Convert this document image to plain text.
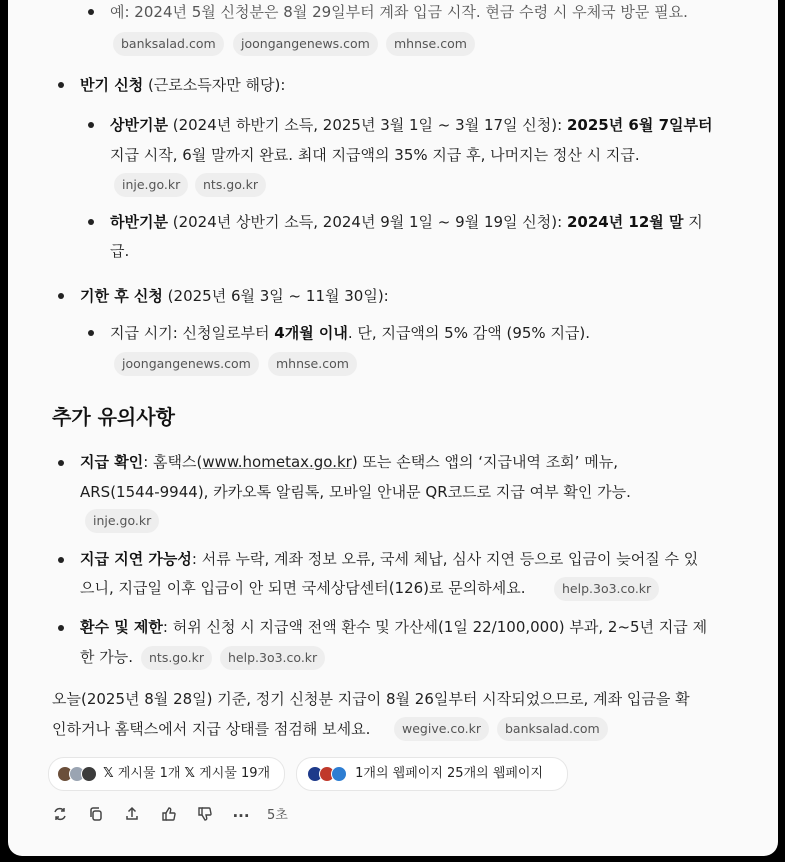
예: 2024년 5월 신청분은 8월 29일부터 계좌 입금 시작. 현금 수령 시 우체국 방문 필요.
banksalad.com	joongangenews.com	mhnse.com
반기 신청 (근로소득자만 해당):
상반기분 (2024년 하반기 소득, 2025년 3월 1일 ~ 3월 17일 신청): 2025년 6월 7일부터
지급 시작, 6월 말까지 완료. 최대 지급액의 35% 지급 후, 나머지는 정산 시 지급.
inje.go.kr	nts.go.kr
하반기분 (2024년 상반기 소득, 2024년 9월 1일 ~ 9월 19일 신청): 2024년 12월 말 지
급.
기한 후 신청 (2025년 6월 3일 ~ 11월 30일):
지급 시기: 신청일로부터 4개월 이내. 단, 지급액의 5% 감액 (95% 지급).
joongangenews.com	mhnse.com
추가 유의사항
지급 확인: 홈택스(www.hometax.go.kr) 또는 손택스 앱의 ‘지급내역 조회’ 메뉴,
ARS(1544-9944), 카카오톡 알림톡, 모바일 안내문 QR코드로 지급 여부 확인 가능.
inje.go.kr
지급 지연 가능성: 서류 누락, 계좌 정보 오류, 국세 체납, 심사 지연 등으로 입금이 늦어질 수 있
으니, 지급일 이후 입금이 안 되면 국세상담센터(126)로 문의하세요.	help.3o3.co.kr
환수 및 제한: 허위 신청 시 지급액 전액 환수 및 가산세(1일 22/100,000) 부과, 2~5년 지급 제
한 가능.	nts.go.kr	help.3o3.co.kr
오늘(2025년 8월 28일) 기준, 정기 신청분 지급이 8월 26일부터 시작되었으므로, 계좌 입금을 확
인하거나 홈택스에서 지급 상태를 점검해 보세요.	wegive.co.kr	banksalad.com
𝕏 게시물 1개 𝕏 게시물 19개	1개의 웹페이지 25개의 웹페이지
··· 5초
